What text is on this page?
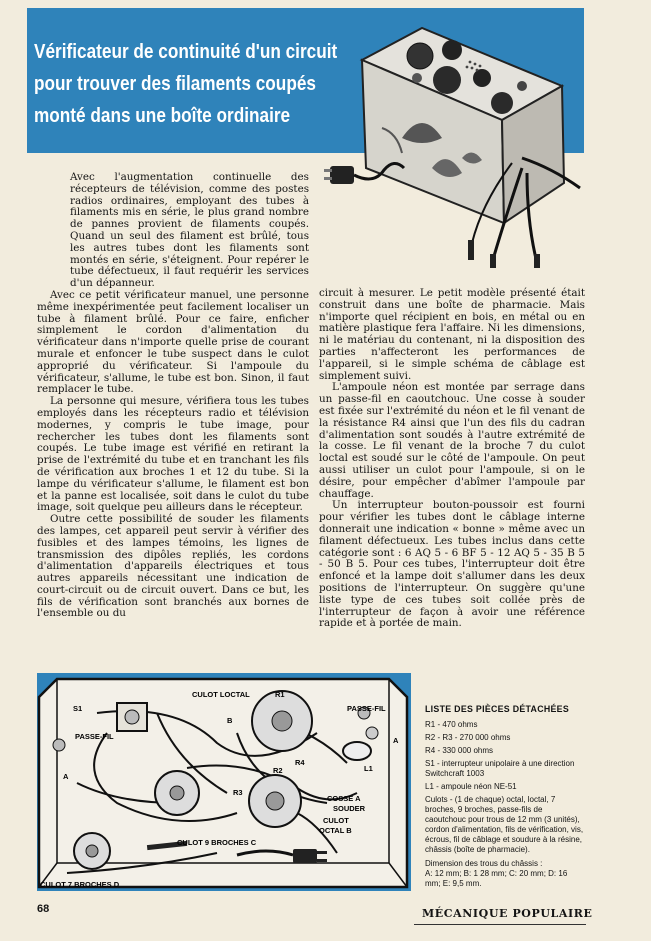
Vérificateur de continuité d'un circuit
pour trouver des filaments coupés
monté dans une boîte ordinaire

Avec l'augmentation continuelle des récepteurs de télévision, comme des postes radios ordinaires, employant des tubes à filaments mis en série, le plus grand nombre de pannes provient de filaments coupés. Quand un seul des filament est brûlé, tous les autres tubes dont les filaments sont montés en série, s'éteignent. Pour repérer le tube défectueux, il faut requérir les services d'un dépanneur.

Avec ce petit vérificateur manuel, une personne même inexpérimentée peut facilement localiser un tube à filament brûlé. Pour ce faire, enficher simplement le cordon d'alimentation du vérificateur dans n'importe quelle prise de courant murale et enfoncer le tube suspect dans le culot approprié du vérificateur. Si l'ampoule du vérificateur, s'allume, le tube est bon. Sinon, il faut remplacer le tube.

La personne qui mesure, vérifiera tous les tubes employés dans les récepteurs radio et télévision modernes, y compris le tube image, pour rechercher les tubes dont les filaments sont coupés. Le tube image est vérifié en retirant la prise de l'extrémité du tube et en tranchant les fils de vérification aux broches 1 et 12 du tube. Si la lampe du vérificateur s'allume, le filament est bon et la panne est localisée, soit dans le culot du tube image, soit quelque peu ailleurs dans le récepteur.

Outre cette possibilité de souder les filaments des lampes, cet appareil peut servir à vérifier des fusibles et des lampes témoins, les lignes de transmission des dipôles repliés, les cordons d'alimentation d'appareils électriques et tous autres appareils nécessitant une indication de court-circuit ou de circuit ouvert. Dans ce but, les fils de vérification sont branchés aux bornes de l'ensemble ou du

circuit à mesurer. Le petit modèle présenté était construit dans une boîte de pharmacie. Mais n'importe quel récipient en bois, en métal ou en matière plastique fera l'affaire. Ni les dimensions, ni le matériau du contenant, ni la disposition des parties n'affecteront les performances de l'appareil, si le simple schéma de câblage est simplement suivi.

L'ampoule néon est montée par serrage dans un passe-fil en caoutchouc. Une cosse à souder est fixée sur l'extrémité du néon et le fil venant de la résistance R4 ainsi que l'un des fils du cadran d'alimentation sont soudés à l'autre extrémité de la cosse. Le fil venant de la broche 7 du culot loctal est soudé sur le côté de l'ampoule. On peut aussi utiliser un culot pour l'ampoule, si on le désire, pour empêcher d'abîmer l'ampoule par chauffage.

Un interrupteur bouton-poussoir est fourni pour vérifier les tubes dont le câblage interne donnerait une indication « bonne » même avec un filament défectueux. Les tubes inclus dans cette catégorie sont : 6 AQ 5 - 6 BF 5 - 12 AQ 5 - 35 B 5 - 50 B 5. Pour ces tubes, l'interrupteur doit être enfoncé et la lampe doit s'allumer dans les deux positions de l'interrupteur. On suggère qu'une liste type de ces tubes soit collée près de l'interrupteur de façon à avoir une référence rapide et à portée de main.

CULOT LOCTAL	R1
S1
PASSE-FIL
PASSE-FIL
A
A
R2
R3
R4
L1
B
COSSE A
SOUDER
CULOT
OCTAL B
CULOT 9 BROCHES C
CULOT 7 BROCHES D
LISTE DES PIÈCES DÉTACHÉES
R1 - 470 ohms
R2 - R3 - 270 000 ohms
R4 - 330 000 ohms
S1 - interrupteur unipolaire à une direction Switchcraft 1003
L1 - ampoule néon NE-51
Culots - (1 de chaque) octal, loctal, 7 broches, 9 broches, passe-fils de caoutchouc pour trous de 12 mm (3 unités), cordon d'alimentation, fils de vérification, vis, écrous, fil de câblage et soudure à la résine, châssis (boîte de pharmacie).
Dimension des trous du châssis :
A: 12 mm; B: 1 28 mm; C: 20 mm; D: 16 mm; E: 9,5 mm.
68	MÉCANIQUE POPULAIRE
